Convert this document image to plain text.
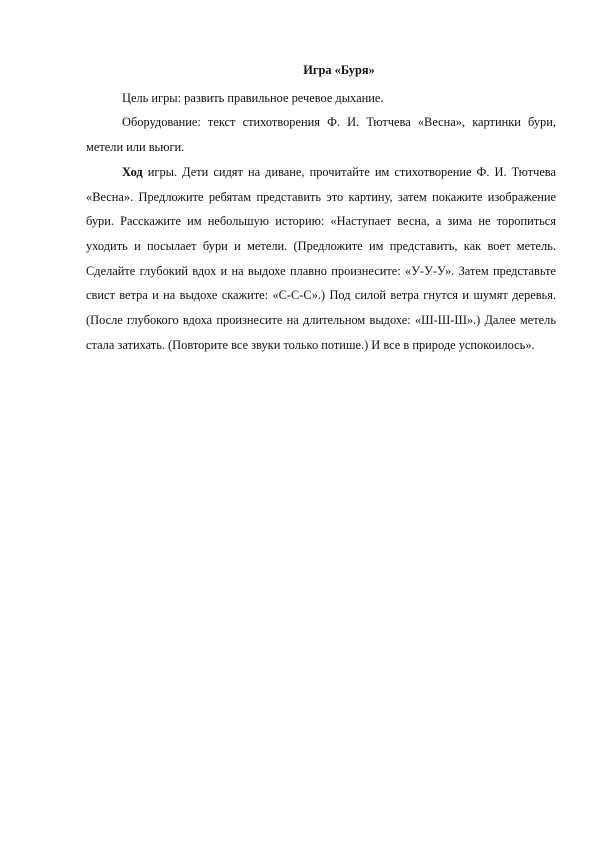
Игра «Буря»

Цель игры: развить правильное речевое дыхание.

Оборудование: текст стихотворения Ф. И. Тютчева «Весна», картинки бури, метели или вьюги.

Ход игры. Дети сидят на диване, прочитайте им стихотворение Ф. И. Тютчева «Весна». Предложите ребятам представить это картину, затем покажите изображение бури. Расскажите им небольшую историю: «Наступает весна, а зима не торопиться уходить и посылает бури и метели. (Предложите им представить, как воет метель. Сделайте глубокий вдох и на выдохе плавно произнесите: «У-У-У». Затем представьте свист ветра и на выдохе скажите: «С-С-С».) Под силой ветра гнутся и шумят деревья. (После глубокого вдоха произнесите на длительном выдохе: «Ш-Ш-Ш».) Далее метель стала затихать. (Повторите все звуки только потише.) И все в природе успокоилось».
